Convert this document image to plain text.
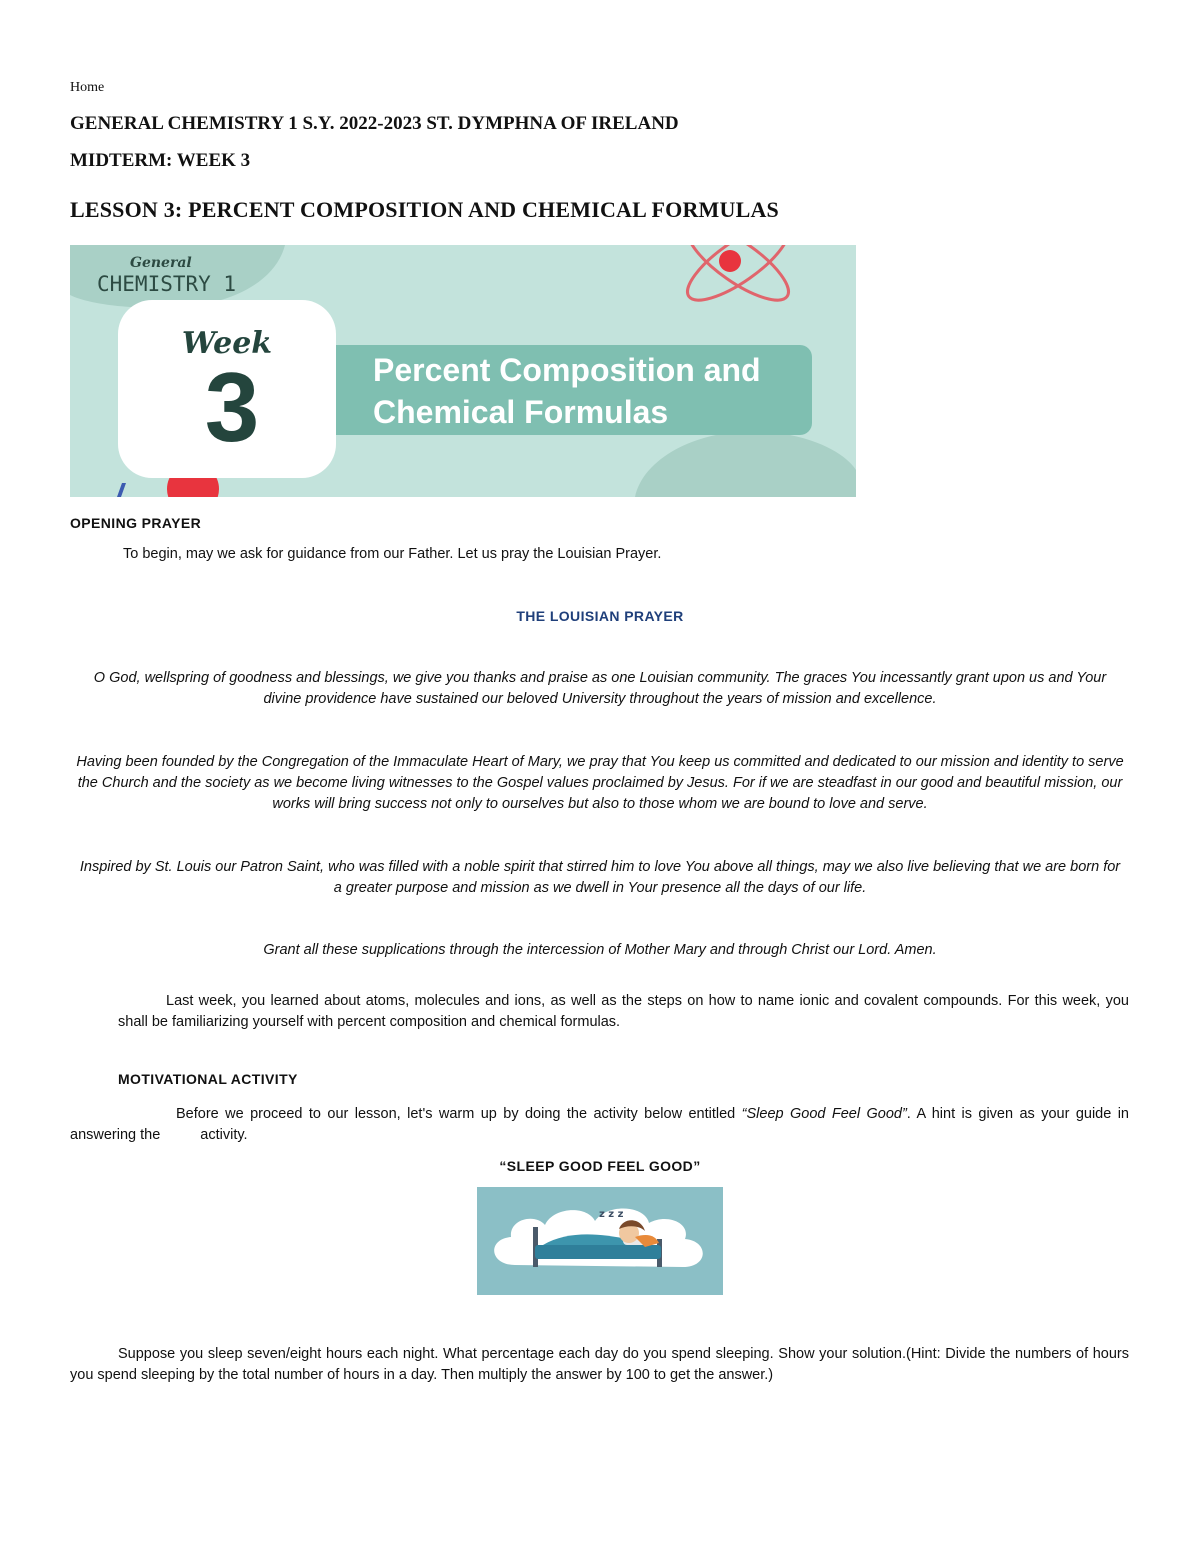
Home
GENERAL CHEMISTRY 1 S.Y. 2022-2023 ST. DYMPHNA OF IRELAND
MIDTERM: WEEK 3
LESSON 3: PERCENT COMPOSITION AND CHEMICAL FORMULAS
General
CHEMISTRY 1
Percent Composition and
Chemical Formulas
Week
3
OPENING PRAYER

To begin, may we ask for guidance from our Father. Let us pray the Louisian Prayer.

THE LOUISIAN PRAYER

O God, wellspring of goodness and blessings, we give you thanks and praise as one Louisian community. The graces You incessantly grant upon us and Your divine providence have sustained our beloved University throughout the years of mission and excellence.

Having been founded by the Congregation of the Immaculate Heart of Mary, we pray that You keep us committed and dedicated to our mission and identity to serve the Church and the society as we become living witnesses to the Gospel values proclaimed by Jesus. For if we are steadfast in our good and beautiful mission, our works will bring success not only to ourselves but also to those whom we are bound to love and serve.

Inspired by St. Louis our Patron Saint, who was filled with a noble spirit that stirred him to love You above all things, may we also live believing that we are born for a greater purpose and mission as we dwell in Your presence all the days of our life.

Grant all these supplications through the intercession of Mother Mary and through Christ our Lord. Amen.

Last week, you learned about atoms, molecules and ions, as well as the steps on how to name ionic and covalent compounds. For this week, you shall be familiarizing yourself with percent composition and chemical formulas.

MOTIVATIONAL ACTIVITY

Before we proceed to our lesson, let's warm up by doing the activity below entitled “Sleep Good Feel Good”. A hint is given as your guide in answering the	activity.

“SLEEP GOOD FEEL GOOD”
z z z

Suppose you sleep seven/eight hours each night. What percentage each day do you spend sleeping. Show your solution.(Hint: Divide the numbers of hours you spend sleeping by the total number of hours in a day. Then multiply the answer by 100 to get the answer.)
